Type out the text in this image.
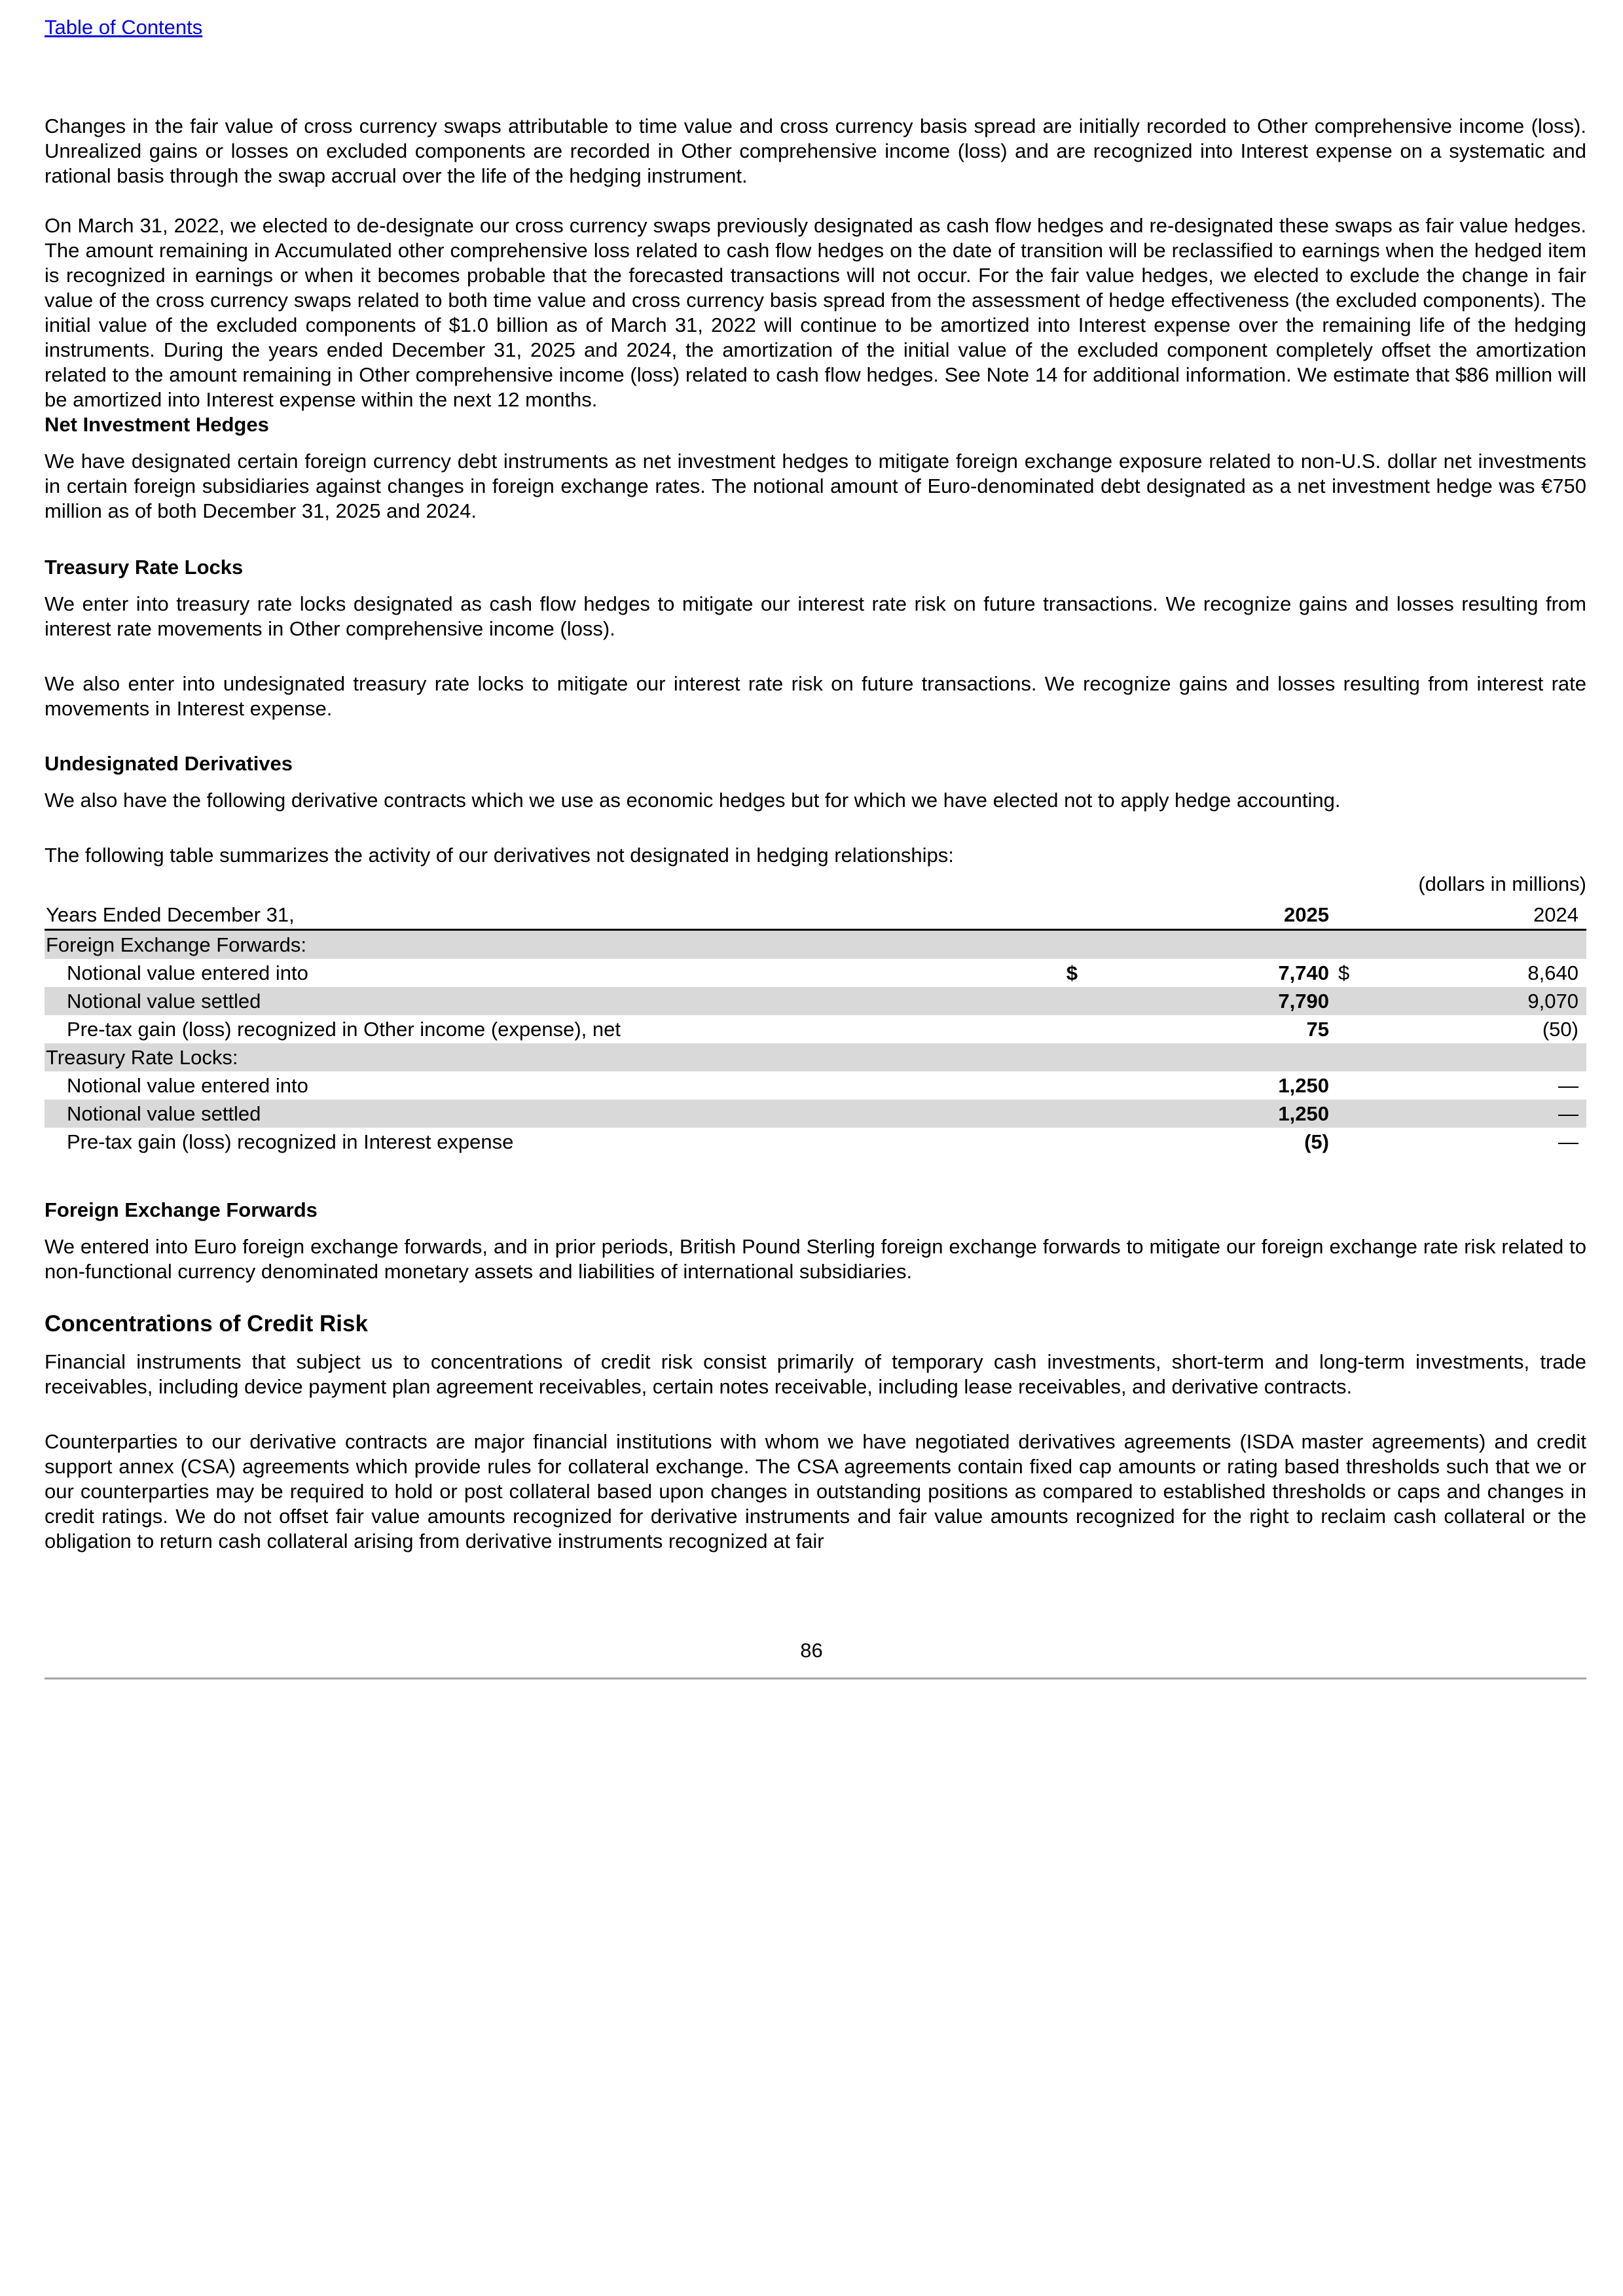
Table of Contents

Changes in the fair value of cross currency swaps attributable to time value and cross currency basis spread are initially recorded to Other comprehensive income (loss). Unrealized gains or losses on excluded components are recorded in Other comprehensive income (loss) and are recognized into Interest expense on a systematic and rational basis through the swap accrual over the life of the hedging instrument.

On March 31, 2022, we elected to de-designate our cross currency swaps previously designated as cash flow hedges and re-designated these swaps as fair value hedges. The amount remaining in Accumulated other comprehensive loss related to cash flow hedges on the date of transition will be reclassified to earnings when the hedged item is recognized in earnings or when it becomes probable that the forecasted transactions will not occur. For the fair value hedges, we elected to exclude the change in fair value of the cross currency swaps related to both time value and cross currency basis spread from the assessment of hedge effectiveness (the excluded components). The initial value of the excluded components of $1.0 billion as of March 31, 2022 will continue to be amortized into Interest expense over the remaining life of the hedging instruments. During the years ended December 31, 2025 and 2024, the amortization of the initial value of the excluded component completely offset the amortization related to the amount remaining in Other comprehensive income (loss) related to cash flow hedges. See Note 14 for additional information. We estimate that $86 million will be amortized into Interest expense within the next 12 months.

Net Investment Hedges

We have designated certain foreign currency debt instruments as net investment hedges to mitigate foreign exchange exposure related to non-U.S. dollar net investments in certain foreign subsidiaries against changes in foreign exchange rates. The notional amount of Euro-denominated debt designated as a net investment hedge was €750 million as of both December 31, 2025 and 2024.

Treasury Rate Locks

We enter into treasury rate locks designated as cash flow hedges to mitigate our interest rate risk on future transactions. We recognize gains and losses resulting from interest rate movements in Other comprehensive income (loss).

We also enter into undesignated treasury rate locks to mitigate our interest rate risk on future transactions. We recognize gains and losses resulting from interest rate movements in Interest expense.

Undesignated Derivatives

We also have the following derivative contracts which we use as economic hedges but for which we have elected not to apply hedge accounting.

The following table summarizes the activity of our derivatives not designated in hedging relationships:

(dollars in millions)
Years Ended December 31,		2025		2024
Foreign Exchange Forwards:				
Notional value entered into	$	7,740	$	8,640
Notional value settled		7,790		9,070
Pre-tax gain (loss) recognized in Other income (expense), net		75		(50)
Treasury Rate Locks:				
Notional value entered into		1,250		—
Notional value settled		1,250		—
Pre-tax gain (loss) recognized in Interest expense		(5)		—
Foreign Exchange Forwards

We entered into Euro foreign exchange forwards, and in prior periods, British Pound Sterling foreign exchange forwards to mitigate our foreign exchange rate risk related to non-functional currency denominated monetary assets and liabilities of international subsidiaries.

Concentrations of Credit Risk

Financial instruments that subject us to concentrations of credit risk consist primarily of temporary cash investments, short-term and long-term investments, trade receivables, including device payment plan agreement receivables, certain notes receivable, including lease receivables, and derivative contracts.

Counterparties to our derivative contracts are major financial institutions with whom we have negotiated derivatives agreements (ISDA master agreements) and credit support annex (CSA) agreements which provide rules for collateral exchange. The CSA agreements contain fixed cap amounts or rating based thresholds such that we or our counterparties may be required to hold or post collateral based upon changes in outstanding positions as compared to established thresholds or caps and changes in credit ratings. We do not offset fair value amounts recognized for derivative instruments and fair value amounts recognized for the right to reclaim cash collateral or the obligation to return cash collateral arising from derivative instruments recognized at fair

86
